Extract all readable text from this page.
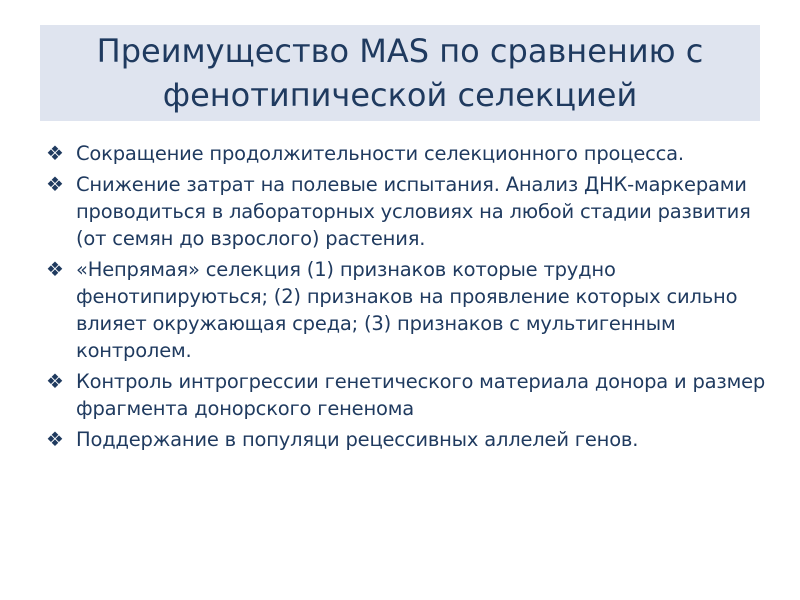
Преимущество MAS по сравнению с фенотипической селекцией
❖ Сокращение продолжительности селекционного процесса.
❖ Снижение затрат на полевые испытания. Анализ ДНК-маркерами проводиться в лабораторных условиях на любой стадии развития (от семян до взрослого) растения.
❖ «Непрямая» селекция (1) признаков которые трудно фенотипируються; (2) признаков на проявление которых сильно влияет окружающая среда; (3) признаков с мультигенным контролем.
❖ Контроль интрогрессии генетического материала донора и размер фрагмента донорского гененома
❖ Поддержание в популяци рецессивных аллелей генов.
